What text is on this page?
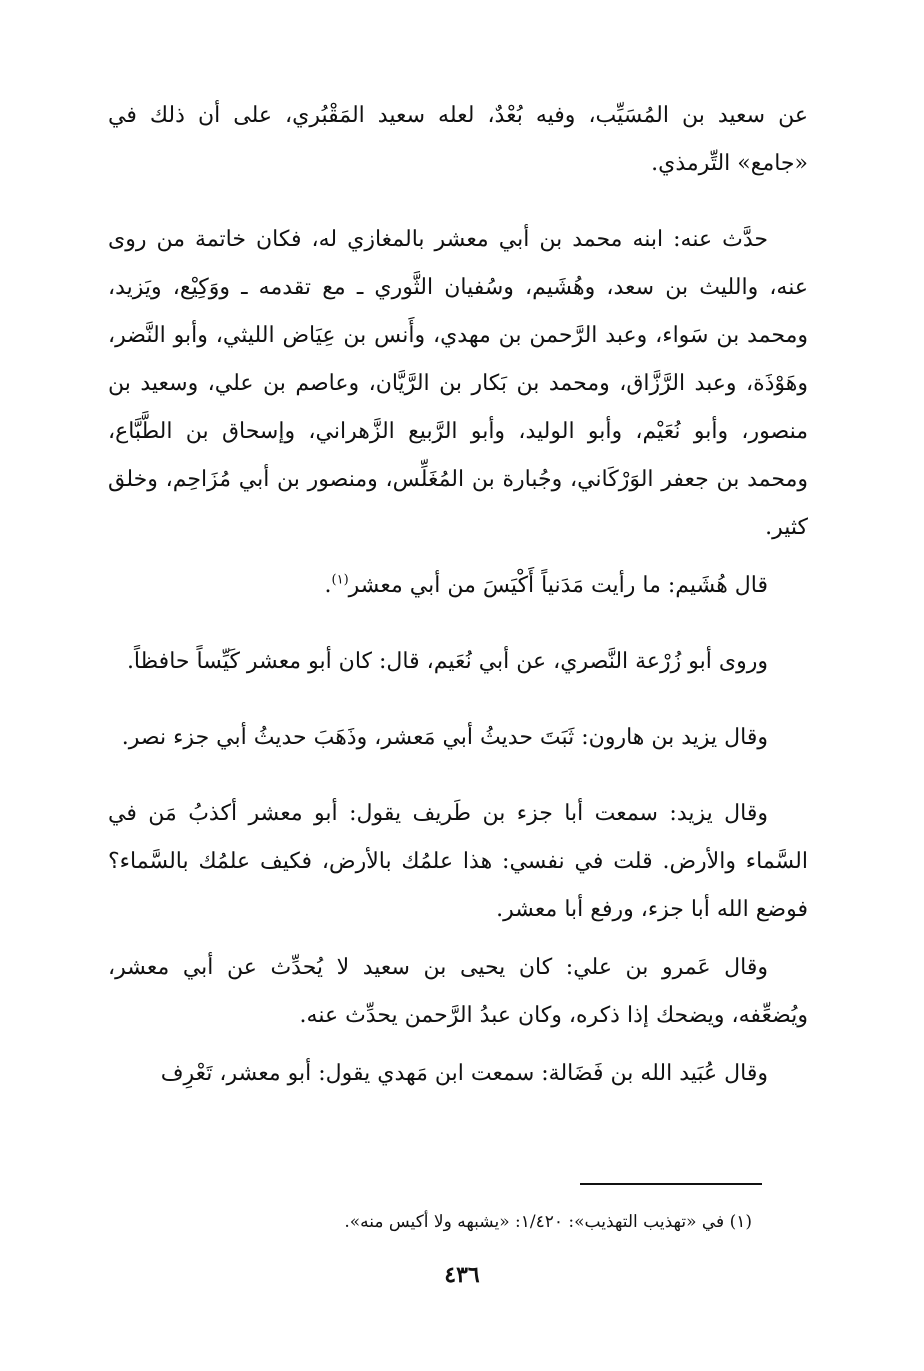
عن سعيد بن المُسَيِّب، وفيه بُعْدٌ، لعله سعيد المَقْبُري، على أن ذلك في «جامع» التِّرمذي.

حدَّث عنه: ابنه محمد بن أبي معشر بالمغازي له، فكان خاتمة من روى عنه، والليث بن سعد، وهُشَيم، وسُفيان الثَّوري ـ مع تقدمه ـ ووَكِيْع، ويَزيد، ومحمد بن سَواء، وعبد الرَّحمن بن مهدي، وأَنس بن عِيَاض الليثي، وأبو النَّضر، وهَوْذَة، وعبد الرَّزَّاق، ومحمد بن بَكار بن الرَّيَّان، وعاصم بن علي، وسعيد بن منصور، وأبو نُعَيْم، وأبو الوليد، وأبو الرَّبيع الزَّهراني، وإسحاق بن الطَّبَّاع، ومحمد بن جعفر الوَرْكَاني، وجُبارة بن المُغَلِّس، ومنصور بن أبي مُزَاحِم، وخلق كثير.

قال هُشَيم: ما رأيت مَدَنياً أَكْيَسَ من أبي معشر$^{(١)}$.

وروى أبو زُرْعة النَّصري، عن أبي نُعَيم، قال: كان أبو معشر كَيِّساً حافظاً.

وقال يزيد بن هارون: ثَبَتَ حديثُ أبي مَعشر، وذَهَبَ حديثُ أبي جزء نصر.

وقال يزيد: سمعت أبا جزء بن طَريف يقول: أبو معشر أكذبُ مَن في السَّماء والأرض. قلت في نفسي: هذا علمُك بالأرض، فكيف علمُك بالسَّماء؟ فوضع الله أبا جزء، ورفع أبا معشر.

وقال عَمرو بن علي: كان يحيى بن سعيد لا يُحدِّث عن أبي معشر، ويُضعِّفه، ويضحك إذا ذكره، وكان عبدُ الرَّحمن يحدِّث عنه.

وقال عُبَيد الله بن فَضَالة: سمعت ابن مَهدي يقول: أبو معشر، تَعْرِف

(١) في «تهذيب التهذيب»: ١/٤٢٠: «يشبهه ولا أكيس منه».
٤٣٦
